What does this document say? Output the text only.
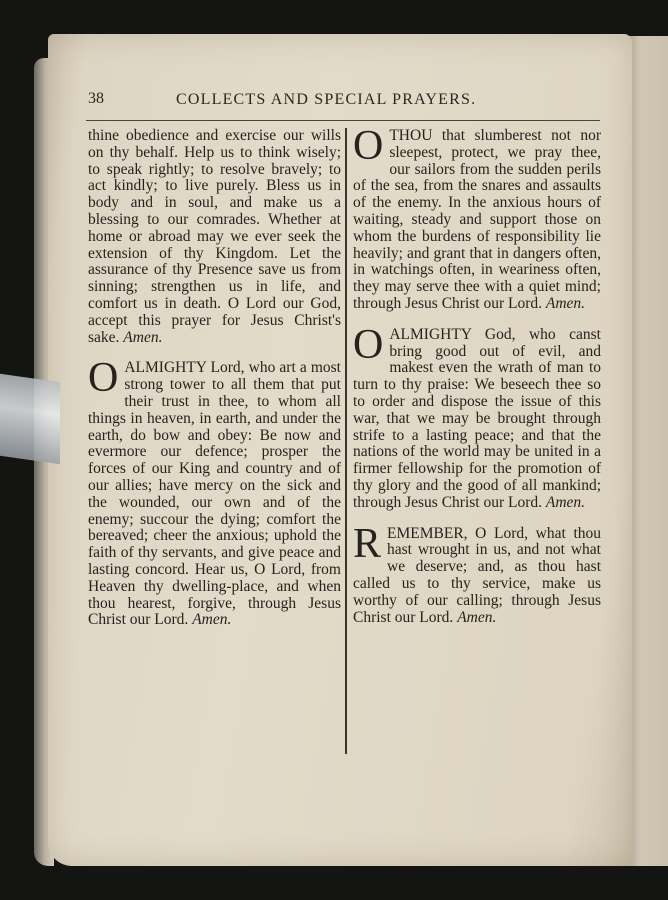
38	COLLECTS AND SPECIAL PRAYERS.

thine obedience and exercise our wills on thy behalf. Help us to think wisely; to speak rightly; to resolve bravely; to act kindly; to live purely. Bless us in body and in soul, and make us a blessing to our comrades. Whether at home or abroad may we ever seek the extension of thy Kingdom. Let the assurance of thy Presence save us from sinning; strengthen us in life, and comfort us in death. O Lord our God, accept this prayer for Jesus Christ's sake. Amen.

O ALMIGHTY Lord, who art a most strong tower to all them that put their trust in thee, to whom all things in heaven, in earth, and under the earth, do bow and obey: Be now and evermore our defence; prosper the forces of our King and country and of our allies; have mercy on the sick and the wounded, our own and of the enemy; succour the dying; comfort the bereaved; cheer the anxious; uphold the faith of thy servants, and give peace and lasting concord. Hear us, O Lord, from Heaven thy dwelling-place, and when thou hearest, forgive, through Jesus Christ our Lord. Amen.

O THOU that slumberest not nor sleepest, protect, we pray thee, our sailors from the sudden perils of the sea, from the snares and assaults of the enemy. In the anxious hours of waiting, steady and support those on whom the burdens of responsibility lie heavily; and grant that in dangers often, in watchings often, in weariness often, they may serve thee with a quiet mind; through Jesus Christ our Lord. Amen.

O ALMIGHTY God, who canst bring good out of evil, and makest even the wrath of man to turn to thy praise: We beseech thee so to order and dispose the issue of this war, that we may be brought through strife to a lasting peace; and that the nations of the world may be united in a firmer fellowship for the promotion of thy glory and the good of all mankind; through Jesus Christ our Lord. Amen.

R EMEMBER, O Lord, what thou hast wrought in us, and not what we deserve; and, as thou hast called us to thy service, make us worthy of our calling; through Jesus Christ our Lord. Amen.
